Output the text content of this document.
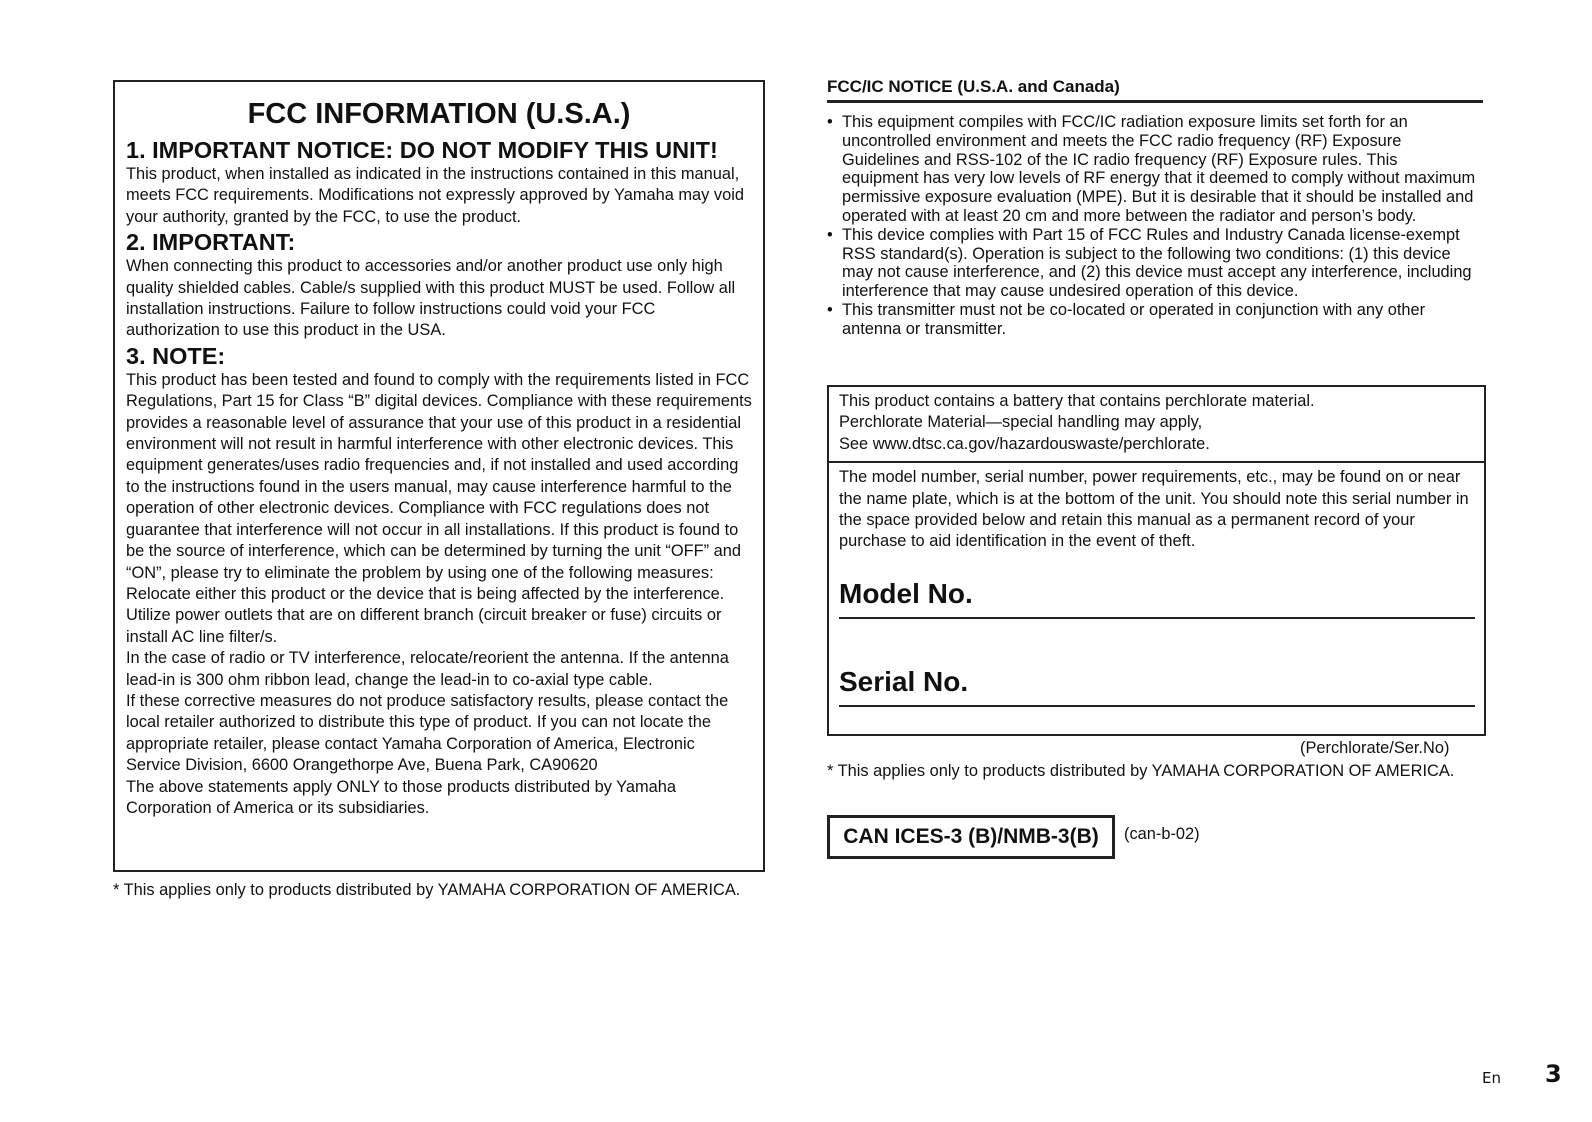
FCC INFORMATION (U.S.A.)
1. IMPORTANT NOTICE: DO NOT MODIFY THIS UNIT!

This product, when installed as indicated in the instructions contained in this manual, meets FCC requirements. Modifications not expressly approved by Yamaha may void your authority, granted by the FCC, to use the product.

2. IMPORTANT:

When connecting this product to accessories and/or another product use only high quality shielded cables. Cable/s supplied with this product MUST be used. Follow all installation instructions. Failure to follow instructions could void your FCC authorization to use this product in the USA.

3. NOTE:

This product has been tested and found to comply with the requirements listed in FCC Regulations, Part 15 for Class “B” digital devices. Compliance with these requirements provides a reasonable level of assurance that your use of this product in a residential environment will not result in harmful interference with other electronic devices. This equipment generates/uses radio frequencies and, if not installed and used according to the instructions found in the users manual, may cause interference harmful to the operation of other electronic devices. Compliance with FCC regulations does not guarantee that interference will not occur in all installations. If this product is found to be the source of interference, which can be determined by turning the unit “OFF” and “ON”, please try to eliminate the problem by using one of the following measures:
Relocate either this product or the device that is being affected by the interference.
Utilize power outlets that are on different branch (circuit breaker or fuse) circuits or install AC line filter/s.
In the case of radio or TV interference, relocate/reorient the antenna. If the antenna lead-in is 300 ohm ribbon lead, change the lead-in to co-axial type cable.
If these corrective measures do not produce satisfactory results, please contact the local retailer authorized to distribute this type of product. If you can not locate the appropriate retailer, please contact Yamaha Corporation of America, Electronic Service Division, 6600 Orangethorpe Ave, Buena Park, CA90620
The above statements apply ONLY to those products distributed by Yamaha Corporation of America or its subsidiaries.

* This applies only to products distributed by YAMAHA CORPORATION OF AMERICA.
FCC/IC NOTICE (U.S.A. and Canada)
• This equipment compiles with FCC/IC radiation exposure limits set forth for an uncontrolled environment and meets the FCC radio frequency (RF) Exposure Guidelines and RSS-102 of the IC radio frequency (RF) Exposure rules. This equipment has very low levels of RF energy that it deemed to comply without maximum permissive exposure evaluation (MPE). But it is desirable that it should be installed and operated with at least 20 cm and more between the radiator and person’s body.
• This device complies with Part 15 of FCC Rules and Industry Canada license-exempt RSS standard(s). Operation is subject to the following two conditions: (1) this device may not cause interference, and (2) this device must accept any interference, including interference that may cause undesired operation of this device.
• This transmitter must not be co-located or operated in conjunction with any other antenna or transmitter.
This product contains a battery that contains perchlorate material.
Perchlorate Material—special handling may apply,
See www.dtsc.ca.gov/hazardouswaste/perchlorate.

The model number, serial number, power requirements, etc., may be found on or near the name plate, which is at the bottom of the unit. You should note this serial number in the space provided below and retain this manual as a permanent record of your purchase to aid identification in the event of theft.

Model No.
Serial No.
(Perchlorate/Ser.No)
* This applies only to products distributed by YAMAHA CORPORATION OF AMERICA.
CAN ICES-3 (B)/NMB-3(B)	(can-b-02)
En 3
